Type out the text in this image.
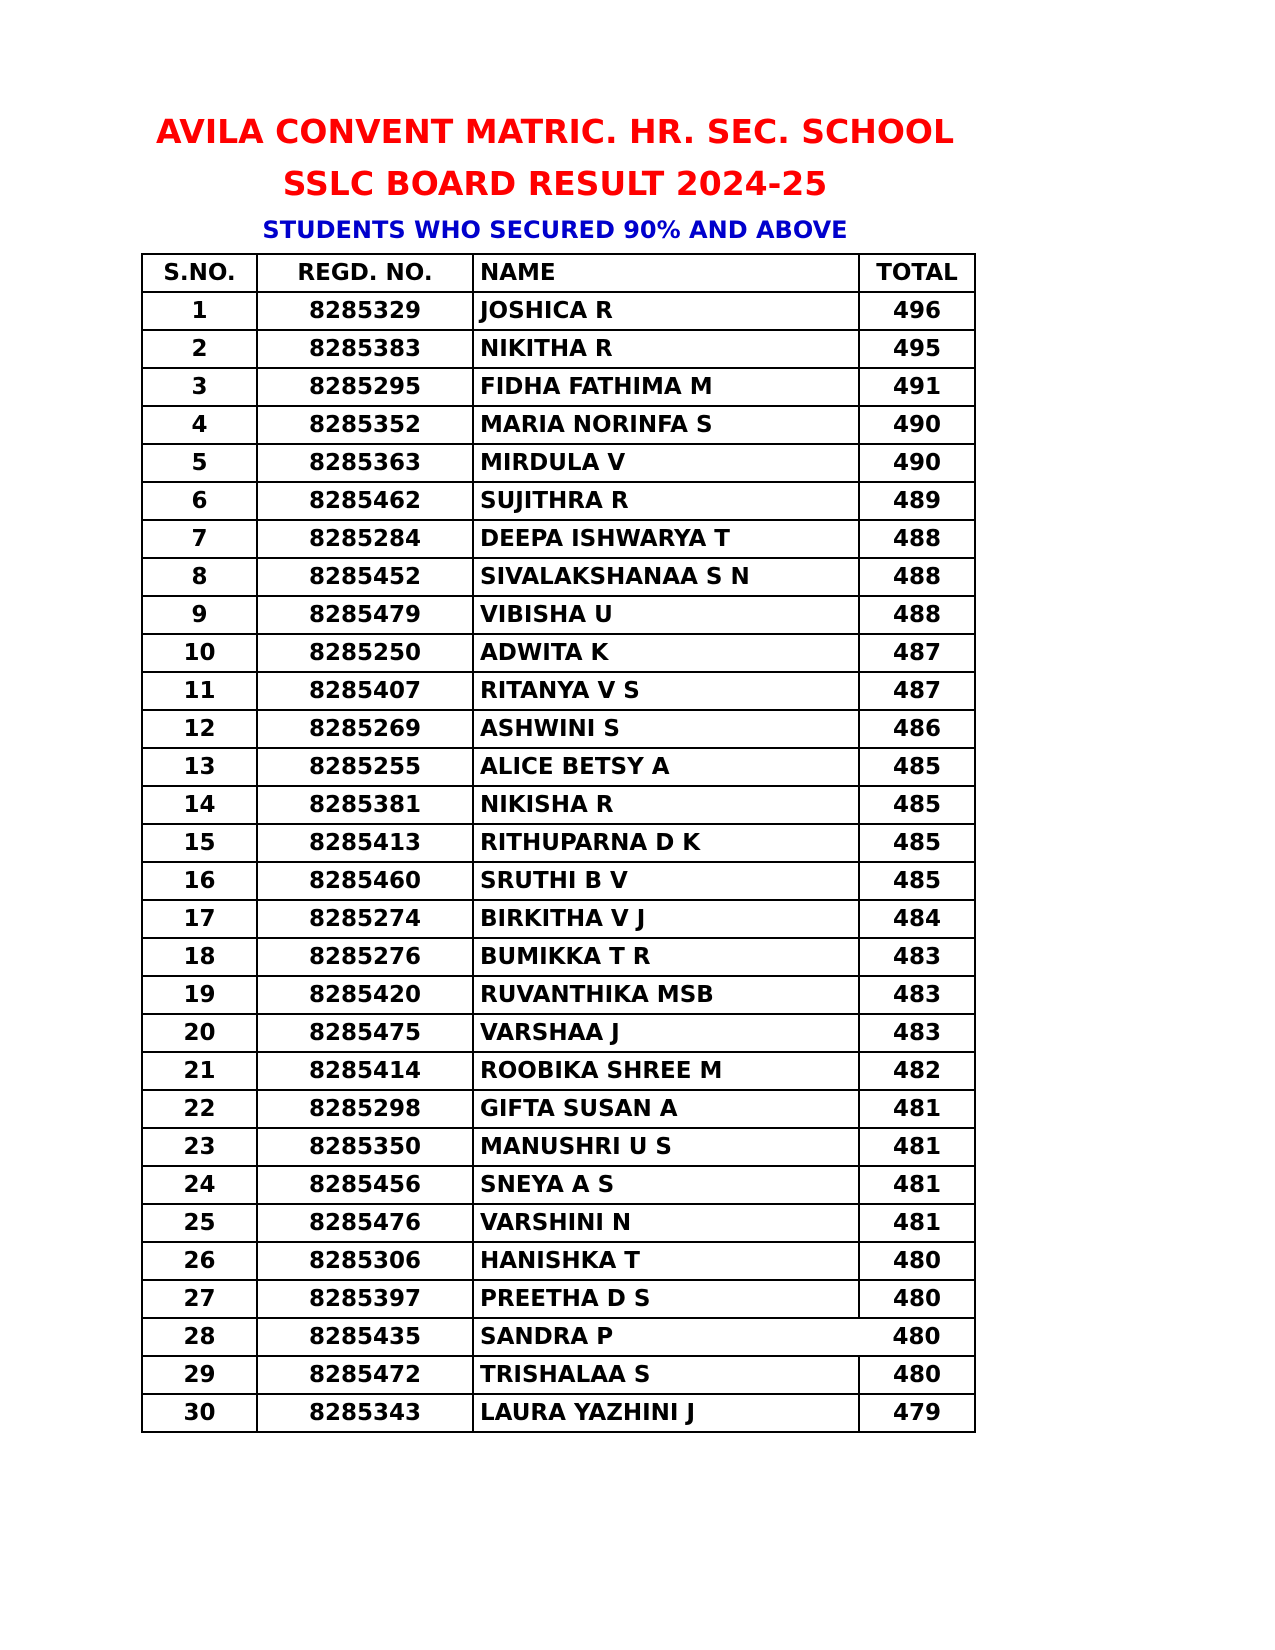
AVILA CONVENT MATRIC. HR. SEC. SCHOOL
SSLC BOARD RESULT 2024-25
STUDENTS WHO SECURED 90% AND ABOVE
S.NO.	REGD. NO.	NAME	TOTAL
1	8285329	JOSHICA R	496
2	8285383	NIKITHA R	495
3	8285295	FIDHA FATHIMA M	491
4	8285352	MARIA NORINFA S	490
5	8285363	MIRDULA V	490
6	8285462	SUJITHRA R	489
7	8285284	DEEPA ISHWARYA T	488
8	8285452	SIVALAKSHANAA S N	488
9	8285479	VIBISHA U	488
10	8285250	ADWITA K	487
11	8285407	RITANYA V S	487
12	8285269	ASHWINI S	486
13	8285255	ALICE BETSY A	485
14	8285381	NIKISHA R	485
15	8285413	RITHUPARNA D K	485
16	8285460	SRUTHI B V	485
17	8285274	BIRKITHA V J	484
18	8285276	BUMIKKA T R	483
19	8285420	RUVANTHIKA MSB	483
20	8285475	VARSHAA J	483
21	8285414	ROOBIKA SHREE M	482
22	8285298	GIFTA SUSAN A	481
23	8285350	MANUSHRI U S	481
24	8285456	SNEYA A S	481
25	8285476	VARSHINI N	481
26	8285306	HANISHKA T	480
27	8285397	PREETHA D S	480
28	8285435	SANDRA P	480
29	8285472	TRISHALAA S	480
30	8285343	LAURA YAZHINI J	479
